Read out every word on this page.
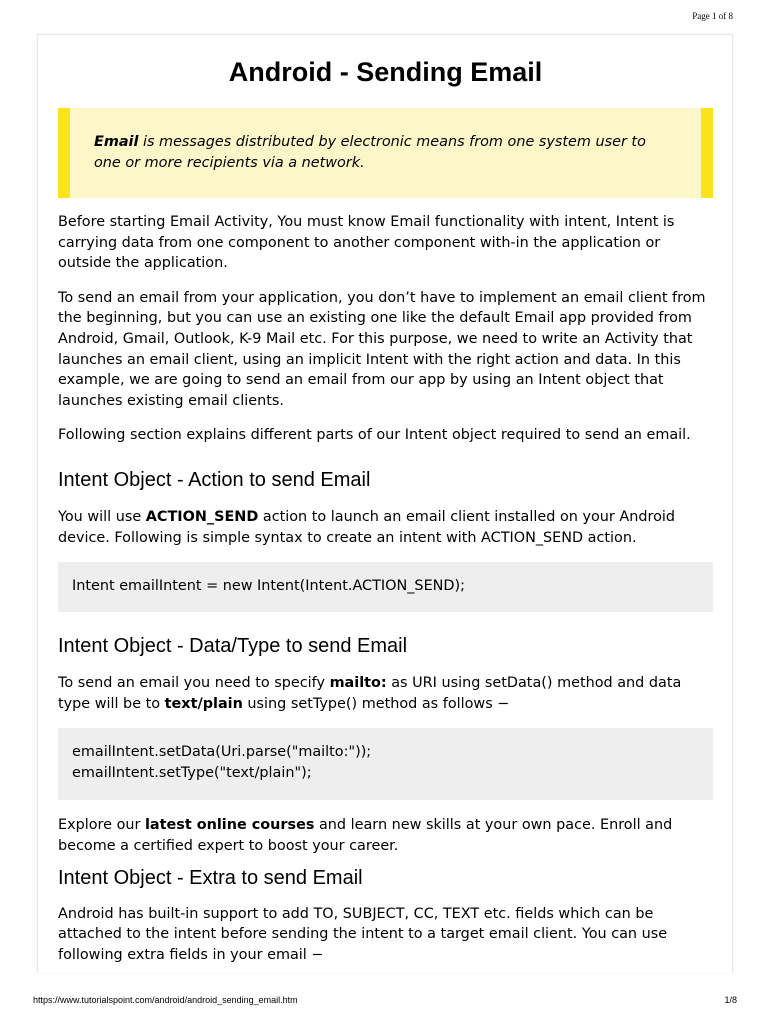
Page 1 of 8
Android - Sending Email
Email is messages distributed by electronic means from one system user to one or more recipients via a network.

Before starting Email Activity, You must know Email functionality with intent, Intent is carrying data from one component to another component with-in the application or outside the application.

To send an email from your application, you don’t have to implement an email client from the beginning, but you can use an existing one like the default Email app provided from Android, Gmail, Outlook, K-9 Mail etc. For this purpose, we need to write an Activity that launches an email client, using an implicit Intent with the right action and data. In this example, we are going to send an email from our app by using an Intent object that launches existing email clients.

Following section explains different parts of our Intent object required to send an email.

Intent Object - Action to send Email

You will use ACTION_SEND action to launch an email client installed on your Android device. Following is simple syntax to create an intent with ACTION_SEND action.

Intent emailIntent = new Intent(Intent.ACTION_SEND);
Intent Object - Data/Type to send Email

To send an email you need to specify mailto: as URI using setData() method and data type will be to text/plain using setType() method as follows −

emailIntent.setData(Uri.parse("mailto:"));
emailIntent.setType("text/plain");

Explore our latest online courses and learn new skills at your own pace. Enroll and become a certified expert to boost your career.

Intent Object - Extra to send Email

Android has built-in support to add TO, SUBJECT, CC, TEXT etc. fields which can be attached to the intent before sending the intent to a target email client. You can use following extra fields in your email −

https://www.tutorialspoint.com/android/android_sending_email.htm	1/8
